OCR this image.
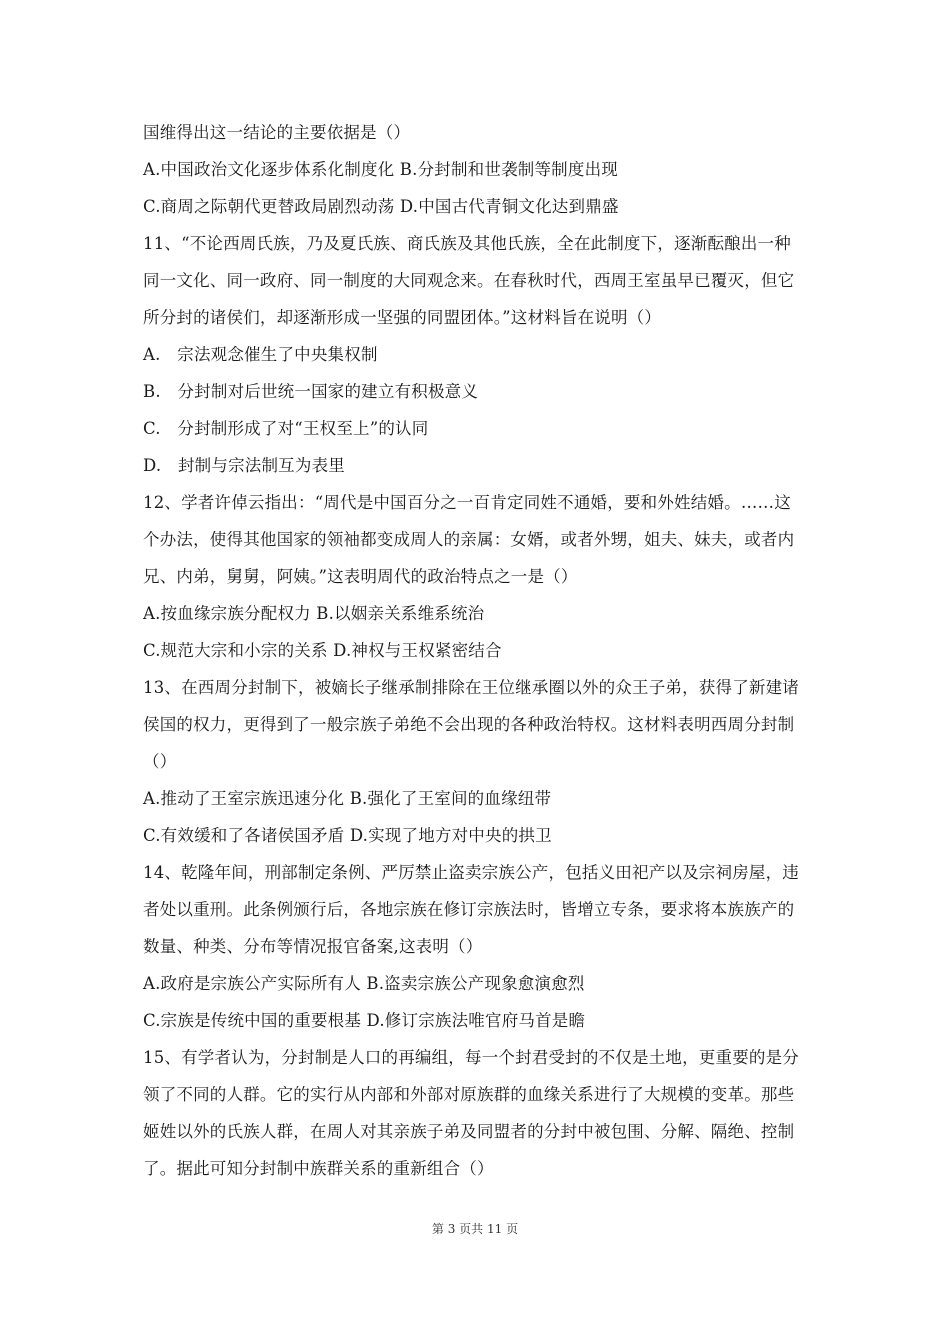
国维得出这一结论的主要依据是（）
A.中国政治文化逐步体系化制度化 B.分封制和世袭制等制度出现
C.商周之际朝代更替政局剧烈动荡 D.中国古代青铜文化达到鼎盛
11、“不论西周氏族，乃及夏氏族、商氏族及其他氏族，全在此制度下，逐渐酝酿出一种
同一文化、同一政府、同一制度的大同观念来。在春秋时代，西周王室虽早已覆灭，但它
所分封的诸侯们，却逐渐形成一坚强的同盟团体。”这材料旨在说明（）
A.　宗法观念催生了中央集权制
B.　分封制对后世统一国家的建立有积极意义
C.　分封制形成了对“王权至上”的认同
D.　封制与宗法制互为表里
12、学者许倬云指出：“周代是中国百分之一百肯定同姓不通婚，要和外姓结婚。……这
个办法，使得其他国家的领袖都变成周人的亲属：女婿，或者外甥，姐夫、妹夫，或者内
兄、内弟，舅舅，阿姨。”这表明周代的政治特点之一是（）
A.按血缘宗族分配权力 B.以姻亲关系维系统治
C.规范大宗和小宗的关系 D.神权与王权紧密结合
13、在西周分封制下，被嫡长子继承制排除在王位继承圈以外的众王子弟，获得了新建诸
侯国的权力，更得到了一般宗族子弟绝不会出现的各种政治特权。这材料表明西周分封制
（）
A.推动了王室宗族迅速分化 B.强化了王室间的血缘纽带
C.有效缓和了各诸侯国矛盾 D.实现了地方对中央的拱卫
14、乾隆年间，刑部制定条例、严厉禁止盗卖宗族公产，包括义田祀产以及宗祠房屋，违
者处以重刑。此条例颁行后，各地宗族在修订宗族法时，皆增立专条，要求将本族族产的
数量、种类、分布等情况报官备案,这表明（）
A.政府是宗族公产实际所有人 B.盗卖宗族公产现象愈演愈烈
C.宗族是传统中国的重要根基 D.修订宗族法唯官府马首是瞻
15、有学者认为，分封制是人口的再编组，每一个封君受封的不仅是土地，更重要的是分
领了不同的人群。它的实行从内部和外部对原族群的血缘关系进行了大规模的变革。那些
姬姓以外的氏族人群，在周人对其亲族子弟及同盟者的分封中被包围、分解、隔绝、控制
了。据此可知分封制中族群关系的重新组合（）
第 3 页共 11 页
